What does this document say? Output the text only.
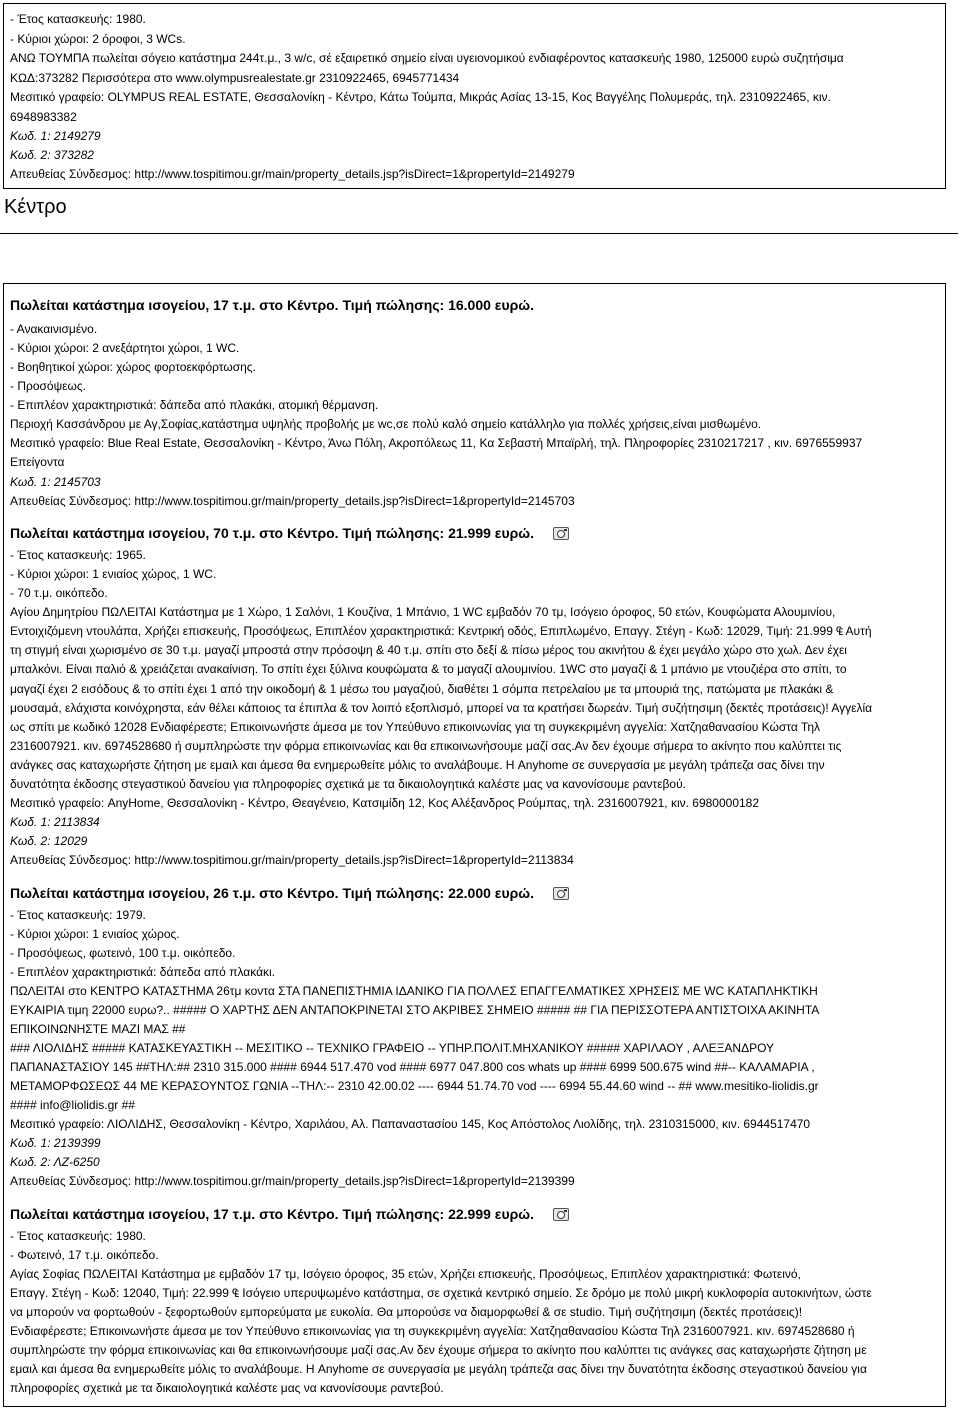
Κέντρο
- Έτος κατασκευής: 1980.
- Κύριοι χώροι: 2 όροφοι, 3 WCs.
ΑΝΩ ΤΟΥΜΠΑ πωλείται σόγειο κατάστημα 244τ.μ., 3 w/c, σέ εξαιρετικό σημείο είναι υγειονομικού ενδιαφέροντος κατασκευής 1980, 125000 ευρώ συζητήσιμα
ΚΩΔ:373282 Περισσότερα στο www.olympusrealestate.gr 2310922465, 6945771434
Μεσιτικό γραφείο: OLYMPUS REAL ESTATE, Θεσσαλονίκη - Κέντρο, Κάτω Τούμπα, Μικράς Ασίας 13-15, Κος Βαγγέλης Πολυμεράς, τηλ. 2310922465, κιν.
6948983382
Κωδ. 1: 2149279
Κωδ. 2: 373282
Απευθείας Σύνδεσμος: http://www.tospitimou.gr/main/property_details.jsp?isDirect=1&propertyId=2149279
Πωλείται κατάστημα ισογείου, 17 τ.μ. στο Κέντρο. Τιμή πώλησης: 16.000 ευρώ.
- Ανακαινισμένο.
- Κύριοι χώροι: 2 ανεξάρτητοι χώροι, 1 WC.
- Βοηθητικοί χώροι: χώρος φορτοεκφόρτωσης.
- Προσόψεως.
- Επιπλέον χαρακτηριστικά: δάπεδα από πλακάκι, ατομική θέρμανση.
Περιοχή Κασσάνδρου με Αγ,Σοφίας,κατάστημα υψηλής προβολής με wc,σε πολύ καλό σημείο κατάλληλο για πολλές χρήσεις,είναι μισθωμένο.
Μεσιτικό γραφείο: Blue Real Estate, Θεσσαλονίκη - Κέντρο, Άνω Πόλη, Ακροπόλεως 11, Κα Σεβαστή Μπαϊρλή, τηλ. Πληροφορίες 2310217217 , κιν. 6976559937
Επείγοντα
Κωδ. 1: 2145703
Απευθείας Σύνδεσμος: http://www.tospitimou.gr/main/property_details.jsp?isDirect=1&propertyId=2145703
Πωλείται κατάστημα ισογείου, 70 τ.μ. στο Κέντρο. Τιμή πώλησης: 21.999 ευρώ.
- Έτος κατασκευής: 1965.
- Κύριοι χώροι: 1 ενιαίος χώρος, 1 WC.
- 70 τ.μ. οικόπεδο.
Αγίου Δημητρίου ΠΩΛΕΙΤΑΙ Κατάστημα με 1 Χώρο, 1 Σαλόνι, 1 Κουζίνα, 1 Μπάνιο, 1 WC εμβαδόν 70 τμ, Ισόγειο όροφος, 50 ετών, Κουφώματα Αλουμινίου,
Εντοιχιζόμενη ντουλάπα, Χρήζει επισκευής, Προσόψεως, Επιπλέον χαρακτηριστικά: Κεντρική οδός, Επιπλωμένο, Επαγγ. Στέγη - Κωδ: 12029, Τιμή: 21.999 ₠ Αυτή
τη στιγμή είναι χωρισμένο σε 30 τ.μ. μαγαζί μπροστά στην πρόσοψη & 40 τ.μ. σπίτι στο δεξί & πίσω μέρος του ακινήτου & έχει μεγάλο χώρο στο χωλ. Δεν έχει
μπαλκόνι. Είναι παλιό & χρειάζεται ανακαίνιση. Το σπίτι έχει ξύλινα κουφώματα & το μαγαζί αλουμινίου. 1WC στο μαγαζί & 1 μπάνιο με ντουζιέρα στο σπίτι, το
μαγαζί έχει 2 εισόδους & το σπίτι έχει 1 από την οικοδομή & 1 μέσω του μαγαζιού, διαθέτει 1 σόμπα πετρελαίου με τα μπουριά της, πατώματα με πλακάκι &
μουσαμά, ελάχιστα κοινόχρηστα, εάν θέλει κάποιος τα έπιπλα & τον λοιπό εξοπλισμό, μπορεί να τα κρατήσει δωρεάν. Τιμή συζήτησιμη (δεκτές προτάσεις)! Αγγελία
ως σπίτι με κωδικό 12028 Ενδιαφέρεστε; Επικοινωνήστε άμεσα με τον Υπεύθυνο επικοινωνίας για τη συγκεκριμένη αγγελία: Χατζηαθανασίου Κώστα Τηλ
2316007921. κιν. 6974528680 ή συμπληρώστε την φόρμα επικοινωνίας και θα επικοινωνήσουμε μαζί σας.Αν δεν έχουμε σήμερα το ακίνητο που καλύπτει τις
ανάγκες σας καταχωρήστε ζήτηση με εμαιλ και άμεσα θα ενημερωθείτε μόλις το αναλάβουμε. Η Anyhome σε συνεργασία με μεγάλη τράπεζα σας δίνει την
δυνατότητα έκδοσης στεγαστικού δανείου για πληροφορίες σχετικά με τα δικαιολογητικά καλέστε μας να κανονίσουμε ραντεβού.
Μεσιτικό γραφείο: AnyHome, Θεσσαλονίκη - Κέντρο, Θεαγένειο, Κατσιμίδη 12, Κος Αλέξανδρος Ρούμπας, τηλ. 2316007921, κιν. 6980000182
Κωδ. 1: 2113834
Κωδ. 2: 12029
Απευθείας Σύνδεσμος: http://www.tospitimou.gr/main/property_details.jsp?isDirect=1&propertyId=2113834
Πωλείται κατάστημα ισογείου, 26 τ.μ. στο Κέντρο. Τιμή πώλησης: 22.000 ευρώ.
- Έτος κατασκευής: 1979.
- Κύριοι χώροι: 1 ενιαίος χώρος.
- Προσόψεως, φωτεινό, 100 τ.μ. οικόπεδο.
- Επιπλέον χαρακτηριστικά: δάπεδα από πλακάκι.
ΠΩΛΕΙΤΑΙ στο ΚΕΝΤΡΟ ΚΑΤΑΣΤΗΜΑ 26τμ κοντα ΣΤΑ ΠΑΝΕΠΙΣΤΗΜΙΑ ΙΔΑΝΙΚΟ ΓΙΑ ΠΟΛΛΕΣ ΕΠΑΓΓΕΛΜΑΤΙΚΕΣ ΧΡΗΣΕΙΣ ΜΕ WC ΚΑΤΑΠΛΗΚΤΙΚΗ
ΕΥΚΑΙΡΙΑ τιμη 22000 ευρω?.. ##### Ο ΧΑΡΤΗΣ ΔΕΝ ΑΝΤΑΠΟΚΡΙΝΕΤΑΙ ΣΤΟ ΑΚΡΙΒΕΣ ΣΗΜΕΙΟ ##### ## ΓΙΑ ΠΕΡΙΣΣΟΤΕΡΑ ΑΝΤΙΣΤΟΙΧΑ ΑΚΙΝΗΤΑ
ΕΠΙΚΟΙΝΩΝΗΣΤΕ ΜΑΖΙ ΜΑΣ ##
### ΛΙΟΛΙΔΗΣ ##### ΚΑΤΑΣΚΕΥΑΣΤΙΚΗ -- ΜΕΣΙΤΙΚΟ -- ΤΕΧΝΙΚΟ ΓΡΑΦΕΙΟ -- ΥΠΗΡ.ΠΟΛΙΤ.ΜΗΧΑΝΙΚΟΥ ##### ΧΑΡΙΛΑΟΥ , ΑΛΕΞΑΝΔΡΟΥ
ΠΑΠΑΝΑΣΤΑΣΙΟΥ 145 ##ΤΗΛ:## 2310 315.000 #### 6944 517.470 vod #### 6977 047.800 cos whats up #### 6999 500.675 wind ##-- ΚΑΛΑΜΑΡΙΑ ,
ΜΕΤΑΜΟΡΦΩΣΕΩΣ 44 ΜΕ ΚΕΡΑΣΟΥΝΤΟΣ ΓΩΝΙΑ --ΤΗΛ:-- 2310 42.00.02 ---- 6944 51.74.70 vod ---- 6994 55.44.60 wind -- ## www.mesitiko-liolidis.gr
#### info@liolidis.gr ##
Μεσιτικό γραφείο: ΛΙΟΛΙΔΗΣ, Θεσσαλονίκη - Κέντρο, Χαριλάου, Αλ. Παπαναστασίου 145, Κος Απόστολος Λιολίδης, τηλ. 2310315000, κιν. 6944517470
Κωδ. 1: 2139399
Κωδ. 2: ΛΖ-6250
Απευθείας Σύνδεσμος: http://www.tospitimou.gr/main/property_details.jsp?isDirect=1&propertyId=2139399
Πωλείται κατάστημα ισογείου, 17 τ.μ. στο Κέντρο. Τιμή πώλησης: 22.999 ευρώ.
- Έτος κατασκευής: 1980.
- Φωτεινό, 17 τ.μ. οικόπεδο.
Αγίας Σοφίας ΠΩΛΕΙΤΑΙ Κατάστημα με εμβαδόν 17 τμ, Ισόγειο όροφος, 35 ετών, Χρήζει επισκευής, Προσόψεως, Επιπλέον χαρακτηριστικά: Φωτεινό,
Επαγγ. Στέγη - Κωδ: 12040, Τιμή: 22.999 ₠ Ισόγειο υπερυψωμένο κατάστημα, σε σχετικά κεντρικό σημείο. Σε δρόμο με πολύ μικρή κυκλοφορία αυτοκινήτων, ώστε
να μπορούν να φορτωθούν - ξεφορτωθούν εμπορεύματα με ευκολία. Θα μπορούσε να διαμορφωθεί & σε studio. Τιμή συζήτησιμη (δεκτές προτάσεις)!
Ενδιαφέρεστε; Επικοινωνήστε άμεσα με τον Υπεύθυνο επικοινωνίας για τη συγκεκριμένη αγγελία: Χατζηαθανασίου Κώστα Τηλ 2316007921. κιν. 6974528680 ή
συμπληρώστε την φόρμα επικοινωνίας και θα επικοινωνήσουμε μαζί σας.Αν δεν έχουμε σήμερα το ακίνητο που καλύπτει τις ανάγκες σας καταχωρήστε ζήτηση με
εμαιλ και άμεσα θα ενημερωθείτε μόλις το αναλάβουμε. Η Anyhome σε συνεργασία με μεγάλη τράπεζα σας δίνει την δυνατότητα έκδοσης στεγαστικού δανείου για
πληροφορίες σχετικά με τα δικαιολογητικά καλέστε μας να κανονίσουμε ραντεβού.
